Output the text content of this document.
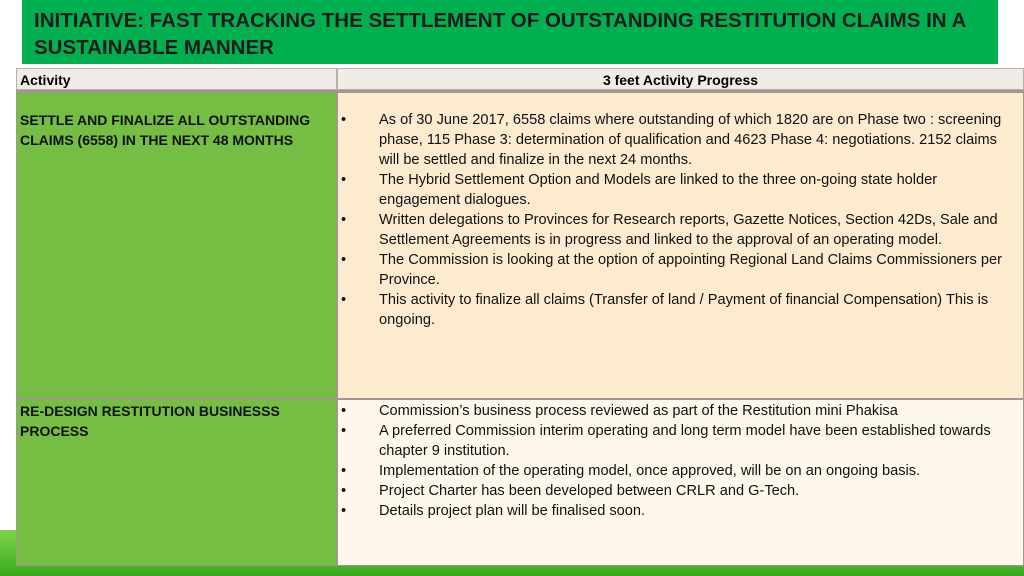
INITIATIVE: FAST TRACKING THE SETTLEMENT OF OUTSTANDING RESTITUTION CLAIMS IN A SUSTAINABLE MANNER
Activity	3 feet Activity Progress
SETTLE AND FINALIZE ALL OUTSTANDING CLAIMS (6558) IN THE NEXT 48 MONTHS
• As of 30 June 2017, 6558 claims where outstanding of which 1820 are on Phase two : screening phase, 115 Phase 3: determination of qualification and 4623 Phase 4: negotiations. 2152 claims will be settled and finalize in the next 24 months.
• The Hybrid Settlement Option and Models are linked to the three on-going state holder engagement dialogues.
• Written delegations to Provinces for Research reports, Gazette Notices, Section 42Ds, Sale and Settlement Agreements is in progress and linked to the approval of an operating model.
• The Commission is looking at the option of appointing Regional Land Claims Commissioners per Province.
• This activity to finalize all claims (Transfer of land / Payment of financial Compensation) This is ongoing.
RE-DESIGN RESTITUTION BUSINESSS PROCESS
• Commission’s business process reviewed as part of the Restitution mini Phakisa
• A preferred Commission interim operating and long term model have been established towards chapter 9 institution.
• Implementation of the operating model, once approved, will be on an ongoing basis.
• Project Charter has been developed between CRLR and G-Tech.
• Details project plan will be finalised soon.
